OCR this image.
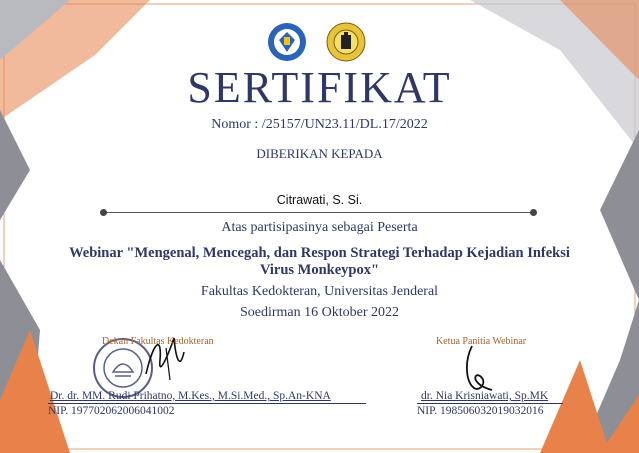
SERTIFIKAT
Nomor : /25157/UN23.11/DL.17/2022
DIBERIKAN KEPADA
Citrawati, S. Si.
Atas partisipasinya sebagai Peserta
Webinar "Mengenal, Mencegah, dan Respon Strategi Terhadap Kejadian Infeksi
Virus Monkeypox"
Fakultas Kedokteran, Universitas Jenderal
Soedirman 16 Oktober 2022
Dekan Fakultas Kedokteran
Dr. dr. MM. Rudi Prihatno, M.Kes., M.Si.Med., Sp.An-KNA
NIP. 197702062006041002
Ketua Panitia Webinar
dr. Nia Krisniawati, Sp.MK
NIP. 198506032019032016
